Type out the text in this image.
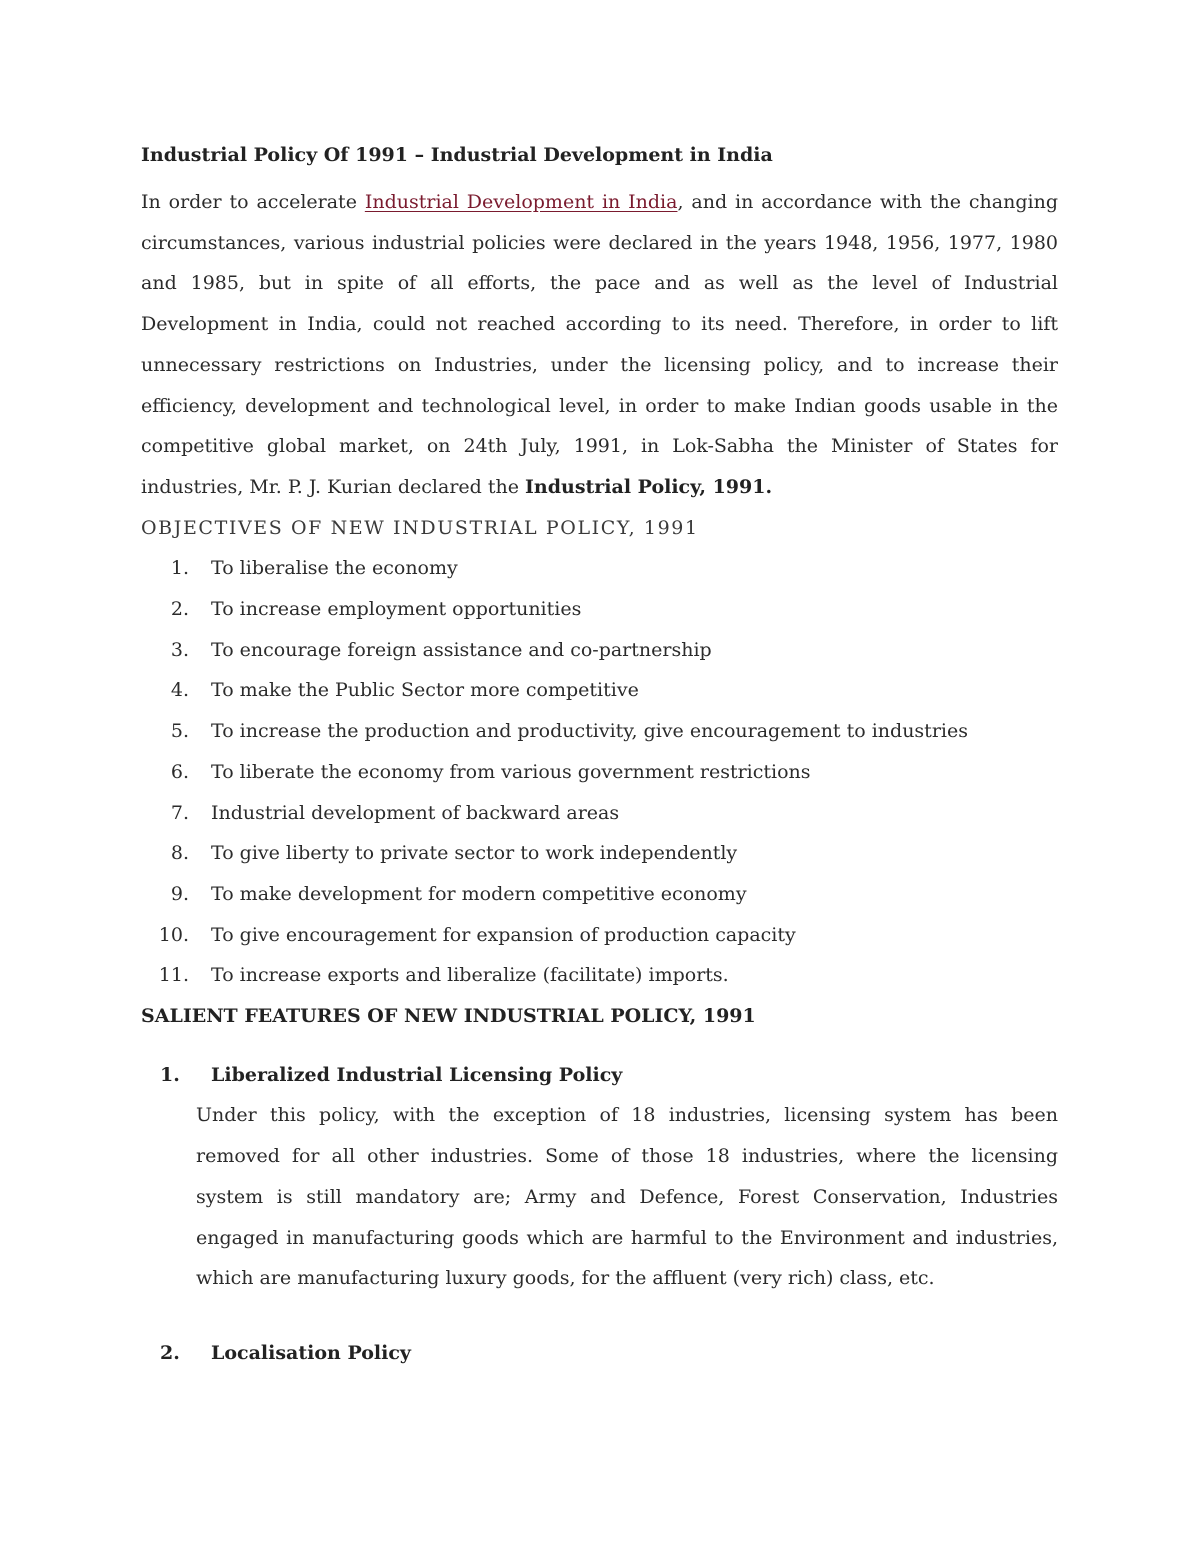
Industrial Policy Of 1991 – Industrial Development in India

In order to accelerate Industrial Development in India, and in accordance with the changing circumstances, various industrial policies were declared in the years 1948, 1956, 1977, 1980 and 1985, but in spite of all efforts, the pace and as well as the level of Industrial Development in India, could not reached according to its need. Therefore, in order to lift unnecessary restrictions on Industries, under the licensing policy, and to increase their efficiency, development and technological level, in order to make Indian goods usable in the competitive global market, on 24th July, 1991, in Lok-Sabha the Minister of States for industries, Mr. P. J. Kurian declared the Industrial Policy, 1991.

OBJECTIVES OF NEW INDUSTRIAL POLICY, 1991
1.	To liberalise the economy
2.	To increase employment opportunities
3.	To encourage foreign assistance and co-partnership
4.	To make the Public Sector more competitive
5.	To increase the production and productivity, give encouragement to industries
6.	To liberate the economy from various government restrictions
7.	Industrial development of backward areas
8.	To give liberty to private sector to work independently
9.	To make development for modern competitive economy
10.	To give encouragement for expansion of production capacity
11.	To increase exports and liberalize (facilitate) imports.
SALIENT FEATURES OF NEW INDUSTRIAL POLICY, 1991
1.	Liberalized Industrial Licensing Policy

Under this policy, with the exception of 18 industries, licensing system has been removed for all other industries. Some of those 18 industries, where the licensing system is still mandatory are; Army and Defence, Forest Conservation, Industries engaged in manufacturing goods which are harmful to the Environment and industries, which are manufacturing luxury goods, for the affluent (very rich) class, etc.

2.	Localisation Policy
